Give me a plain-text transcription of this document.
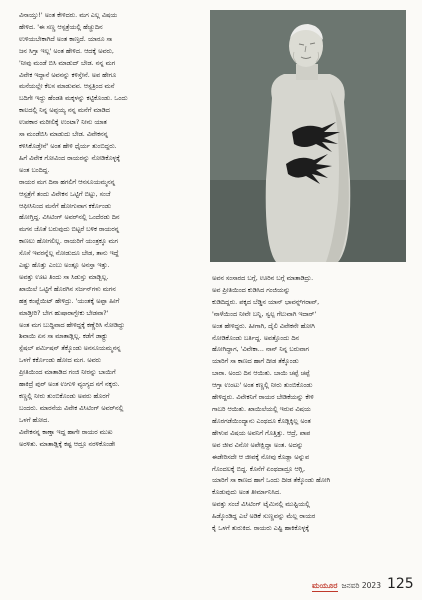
ವಿನಾಯ್ತು!' ಅಂತ ಕೇಳಿದರು. ಮಗ ಎಲ್ಲ ವಿಷಯ

ಹೇಳಿದ. 'ಈ ಸಣ್ಣ ಆಸ್ಪತ್ರೆಯಲ್ಲಿ ಹೆಚ್ಚುದಿನ

ಉಳಿಯಬೇಕಾಗಿದೆ ಅಂತ ಕಾಣ್ತದೆ. ಯಾರೂ ಸಾ

ಜನ ಸಿಗ್ತಾ ಇಲ್ಲ' ಅಂತ ಹೇಳಿದ. ಆದಕ್ಕೆ ಅವರು,

'ನೀವು ಮಂಡೆ ಬಿಸಿ ಮಾಡುದ್ ಬೇಡ. ನನ್ನ ಮಗ

ವಿವೇಕ ಇದ್ದಾನೆ ಅವನನ್ನು ಕಳಿಸ್ತೇನೆ. ಅವ ಹೇಗೂ

ಮನೆಯಲ್ಲೇ ಕೆಲಸ ಮಾಡುವವ. ಆಸ್ಪತ್ರಿಂದ ಮನೆ

ಬದಿಗೇ ಇದ್ದು ಹೆಂಡತಿ ಮಕ್ಕಳನ್ನು ಕಟ್ಟಿಕೊಂಡು. ಒಂದು

ಕಾಲದಲ್ಲಿ ನಿನ್ನ ಅಪ್ಪಯ್ಯ ನನ್ನ ಮನೆಗೆ ಮಾಡಿದ

ಉಪಕಾರ ಮರೀಲಿಕ್ಕೆ ಉಂಟಾ? ನೀನು ಯಾತ

ಸಾ ಮಂಡೆಬಿಸಿ ಮಾಡುದು ಬೇಡ. ವಿವೇಕನನ್ನ

ಕಳಿಸಿಕೊಡ್ತೇನೆ' ಅಂತ ಹೇಳಿ ಧೈರ್ಯ ತುಂಬಿದ್ದರು.

ಹಿಗೆ ವಿವೇಕ ಗೋವಿಂದ ರಾಯರನ್ನು ನೋಡಿಕೊಳ್ಳಕ್ಕೆ

ಅಂತ ಬಂದಿದ್ದ.

ರಾಯರ ಮಗ ದಿನಾ ಹಗಲಿಗೆ ಆನಸೂಯಮ್ಮನನ್ನ

ಆಸ್ಪತ್ರೆಗೆ ತಂದು ವಿವೇಕನ ಒಟ್ಟಿಗೆ ಬಿಟ್ಟು, ಸಂಜೆ

ಆಫೀಸಿನಿಂದ ಮನೆಗೆ ಹೋಗುವಾಗ ಕರ್ಕೊಂಡು

ಹೋಗ್ತಿದ್ದ. ವಿಸಿಟಿಂಗ್ ಅವರ್‌ನಲ್ಲಿ ಒಂದೆರಡು ದಿನ

ಮಗನ ಜೊತೆ ಬರುವುದು ಬಿಟ್ಟರೆ ಬಳಿಕ ರಾಯರನ್ನ

ಕಾಣಲು ಹೋಗಲಿಲ್ಲ. ರಾಯರಿಗೆ ಯಂತ್ರಕ್ಕೂ ಮಗ

ಸೊಸೆ ಇವರನ್ನೆಲ್ಲ ನೋಡುದೂ ಬೇಡ, ತಾನು ಇದ್ದೆ

ಎಷ್ಟು ಹೊತ್ತು ಎಂಬು ಅಂತ್ಲೂ ಅನಸ್ತಾ ಇತ್ತು.

ಅವತ್ತು ಊಟ ತಿಂದು ಸಾ ಸಿಡುಸ್ತು ಮಾಡ್ಬಿಲ್ಲ.

ಖಾಯಿಲೆ ಒಟ್ಟಿಗೆ ಹೊರಗಿನ ಸರ್ಜನ್‌ಗಳು ಮಗನ

ಹತ್ರ ಕಂಪ್ಲೆಯಿಟ್ ಹೇಳಿದ್ರು. 'ಯಂತಕ್ಕೆ ಅಪ್ಪಾ ಹೀಗೆ

ಮಾಡ್ತೀರಿ? ಬೇಗ ಹುಷಾರಾಗ್ಬೇಕು ಬೇಡವಾ?'

ಅಂತ ಮಗ ಬುದ್ಧಿವಾದ ಹೇಳಿದ್ದಕ್ಕೆ ಕಣ್ಣೆರಿಸಿ ನೋಡಿದ್ದು

ಶಿವಾಯಿ ಏನ ಸಾ ಮಾತಾಡ್ಲಿಲ್ಲ. ಕಡೆಗೆ ಡಾಕ್ಟ್ರು

ಸ್ಪೆಷಲ್ ಪರ್ಮಿಷನ್ ತೆಕ್ಕೊಂಡು ಅನಸೂಯಮ್ಮನನ್ನ

ಒಳಗೆ ಕರ್ಕೊಂಡು ಹೋದ ಮಗ. ಅವರು

ಪ್ರೀತಿಯಿಂದ ಮಾತಾಡಿದ ಗಂಜಿ ನೀರನ್ನು ಬಾಯಿಗೆ

ಹಾಕಿದ್ರೆ ಪುರ್ ಅಂತ ಉಗುಳಿ ವ್ಯಂಗ್ಯದ ನಗೆ ನಕ್ಕರು.

ಕಣ್ಣಲ್ಲಿ ನೀರು ತುಂಬಿಕೊಂಡು ಅವರು ಹೊರಗೆ

ಬಂದರು. ಮಾರನೆಯ ವಿವೇಕ ವಿಸಿಟಿಂಗ್ ಅವರ್‌ನಲ್ಲಿ

ಒಳಗೆ ಹೋದ.

ವಿವೇಕನನ್ನ ಕಾಣ್ತಾ ಇದ್ದ ಹಾಗೇ ರಾಯರ ಮುಖ

ಅರಳಿತು. ಮಾತಾಡ್ಲಿಕ್ಕೆ ಕಷ್ಟ ಆದ್ರೂ ನರಳಿಕೊಂಡೇ

ಅವನ ಸಂಸಾರದ ಬಗ್ಗೆ, ಊರಿನ ಬಗ್ಗೆ ಮಾತಾಡಿದ್ರು.

ಅವ ಪ್ರೀತಿಯಿಂದ ಕುಡಿಸಿದ ಗಂಜಿಯನ್ನು

ಕುಡಿದಿದ್ದರು. ಪಕ್ಕದ ಬೆಡ್ಡಿನ ಯಾನ್ ಭಾವನ್ನ್‌ಗರಾವ್,

'ನಾಳೆಯಿಂದ ನೀವೇ ಬನ್ನಿ, ಸ್ವಲ್ಪ ಗೆಲುವಾಗಿ ಇದಾರ್'

ಅಂತ ಹೇಳಿದ್ದರು. ಹೀಗಾಗಿ, ದೈಲಿ ವಿವೇಕನೇ ಹೋಗಿ

ನೋಡಿಕೊಂಡು ಬರ್ತಿದ್ದ. ಅವತ್ತೊಂದು ದಿನ

ಹೋಗಿದ್ದಾಗ, 'ವಿವೇಕಾ... ನಾನ್ ನಿನ್ನ ಬರುವಾಗ

ಯಾರಿಗೆ ಸಾ ಕಾಣದ ಹಾಗೆ ದೀಡ ತೆಕ್ಕೊಂಡು

ಬಾರಾ. ಅಂದು ದಿನ ಆಯಿತು. ಬಾಯಿ ಚಪ್ಪೆ ಚಪ್ಪೆ

ಆಗ್ತಾ ಉಂಟು' ಅಂತ ಕಣ್ಣಲ್ಲಿ ನೀರು ತುಂಬಿಕೊಂಡು

ಹೇಳಿದ್ದರು. ವಿವೇಕನಿಗೆ ರಾಯರ ಬೇಡಿಕೆಯನ್ನು ಕೇಳಿ

ಗಾಬರಿ ಆಯಿತು. ಖಾಯಿಲೆಯಲ್ಲಿ ಇರುವ ವಿಷಯ

ಹೊರಗಡೆಯಿಂದ್ಯಾನು ಎಂಥದೂ ಕೊಡ್ಲಿಕ್ಕಿಲ್ಲ ಅಂತ

ಹೇಳುವ ವಿಷಯ ಅವನಿಗೆ ಗೊತ್ತಿತ್ತು. ಆದ್ರೆ, ಪಾಪ

ಅವ ಜೀವ ವಿನೋ ಅಪೇಕ್ಷಿದ್ದಾ ಅಂತ. ಅದನ್ನು

ಈಡೇರಿಸದೇ ಆ ಜೀವಕ್ಕೆ ನೋವು ಕೊಡ್ಲಾ ಅನ್ನುವ

ಗೊಂದಲಕ್ಕೆ ಬಿದ್ದ. ಕೊನೆಗೆ ಏಂಥದಾದ್ರೂ ಆಗ್ಲಿ,

ಯಾರಿಗೆ ಸಾ ಕಾಣದ ಹಾಗೆ ಒಂದು ದೀಡ ತೆಕ್ಕೊಂಡು ಹೋಗಿ

ಕೊಡುವುದು ಅಂತ ತೀರ್ಮಾನಿಸಿದ.

ಅವತ್ತು ಸಂಜೆ ವಿಸಿಟಿಂಗ್ ಟೈಮಿನಲ್ಲಿ ಮುಷ್ಟಿಯಲ್ಲಿ

ಹಿಡ್ಕೊಂಡಿದ್ದ ಎಲೆ ಅಡಿಕೆ ಸುಣ್ಣವನ್ನು ಮೆಲ್ಲ ರಾಯರ

ಕೈ ಒಳಗೆ ತುರುಕಿದ. ರಾಯರು ಎಷ್ಟಿ ಹಾಕಿಕೊಳ್ಳಕ್ಕೆ

ಮಯೂರ ಜನವರಿ 2023 125
